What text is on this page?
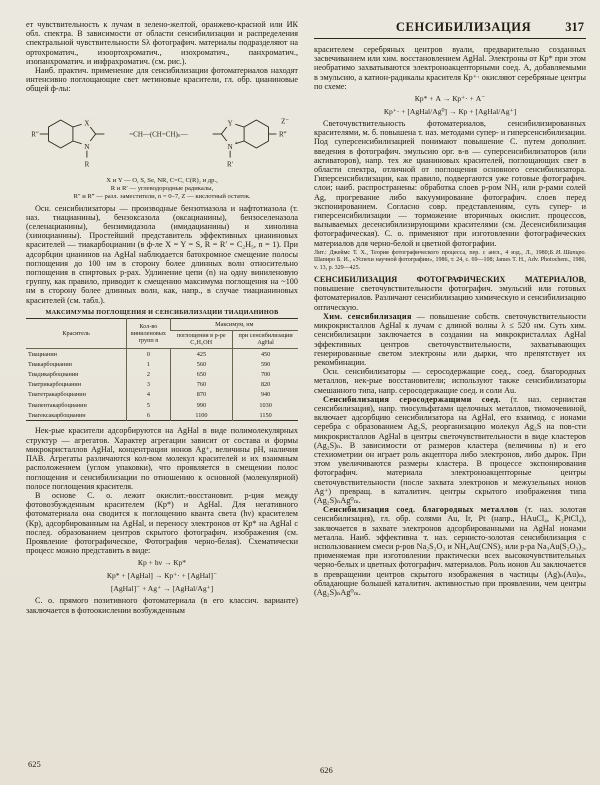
ет чувствительность к лучам в зелено-желтой, оранжево-красной или ИК обл. спектра. В зависимости от области сенсибилизации и распределения спектральной чувствительности Sλ фотографич. материалы подразделяют на ортохроматич., изоортохроматич., изохроматич., панхроматич., изопанхроматич. и инфрахроматич. (см. рис.).

Наиб. практич. применение для сенсибилизации фотоматериалов находят интенсивно поглощающие свет метиновые красители, гл. обр. цианиновые общей ф-лы:

R″
X
N
R
=CH—(CH=CH)ₙ—
Y
N +
R′
R‴
Z⁻
X и Y — O, S, Se, NR, C=C, C(R)₂ и др.,
R и R′ — углеводородные радикалы,
R″ и R‴ — разл. заместители, n = 0–7, Z — кислотный остаток.

Осн. сенсибилизаторы — производные бензотиазола и нафтотиазола (т. наз. тиацианины), бензоксазола (оксацианины), бензоселеназола (селенацианины), бензимидазола (имидацианины) и хинолина (хиноцианины). Простейший представитель эффективных цианиновых красителей — тиакарбоцианин (в ф-ле X = Y = S, R = R′ = C₂H₅, n = 1). При адсорбции цианинов на AgHal наблюдается батохромное смещение полосы поглощения до 100 нм в сторону более длинных волн относительно поглощения в спиртовых р-рах. Удлинение цепи (n) на одну виниленовую группу, как правило, приводит к смещению максимума поглощения на ~100 нм в сторону более длинных волн, как, напр., в случае тиацианиновых красителей (см. табл.).

МАКСИМУМЫ ПОГЛОЩЕНИЯ И СЕНСИБИЛИЗАЦИИ ТИАЦИАНИНОВ
Краситель	Кол-во виниленовых групп n	Максимум, нм	
		поглощения в р-ре C₂H₅OH	при сенсибилизации AgHal
Тиацианин	0	425	450
Тиакарбоцианин	1	560	590
Тиадикарбоцианин	2	650	700
Тиатрикарбоцианин	3	760	820
Тиатетракарбоцианин	4	870	940
Тиапентакарбоцианин	5	990	1030
Тиагексакарбоцианин	6	1100	1150

Нек-рые красители адсорбируются на AgHal в виде полимолекулярных структур — агрегатов. Характер агрегации зависит от состава и формы микрокристаллов AgHal, концентрации ионов Ag⁺, величины pH, наличия ПАВ. Агрегаты различаются кол-вом молекул красителей и их взаимным расположением (углом упаковки), что проявляется в смещении полос поглощения и сенсибилизации по отношению к основной (молекулярной) полосе поглощения красителя.

В основе С. о. лежит окислит.-восстановит. р-ция между фотовозбужденным красителем (Кр*) и AgHal. Для негативного фотоматериала она сводится к поглощению кванта света (hν) красителем (Кр), адсорбированным на AgHal, и переносу электронов от Кр* на AgHal с послед. образованием центров скрытого фотографич. изображения (см. Проявление фотографическое, Фотография черно-белая). Схематически процесс можно представить в виде:

Кр + hν → Кр*
Кр* + [AgHal] → Кр⁺· + [AgHal]⁻
[AgHal]⁻ + Ag⁺ → [AgHal/Ag⁺]

С. о. прямого позитивного фотоматериала (в его классич. варианте) заключается в фотоокислении возбужденным

СЕНСИБИЛИЗАЦИЯ	317

красителем серебряных центров вуали, предварительно созданных засвечиванием или хим. восстановлением AgHal. Электроны от Кр* при этом необратимо захватываются электроноакцепторными соед. А, добавляемыми в эмульсию, а катион-радикалы красителя Кр⁺· окисляют серебряные центры по схеме:

Кр* + А → Кр⁺· + А⁻
Кр⁺· + [AgHal/Ag⁰] → Кр + [AgHal/Ag⁺]

Светочувствительность фотоматериалов, сенсибилизированных красителями, м. б. повышена т. наз. методами супер- и гиперсенсибилизации. Под суперсенсибилизацией понимают повышение С. путем дополнит. введения в фотографич. эмульсию орг. в-в — суперсенсибилизаторов (или активаторов), напр. тех же цианиновых красителей, поглощающих свет в области спектра, отличной от поглощения основного сенсибилизатора. Гиперсенсибилизации, как правило, подвергаются уже готовые фотографич. слои; наиб. распространены: обработка слоев р-ром NH₃ или р-рами солей Ag, прогревание либо вакуумирование фотографич. слоев перед экспонированием. Согласно совр. представлениям, суть супер- и гиперсенсибилизации — торможение вторичных окислит. процессов, вызываемых десенсибилизирующими красителями (см. Десенсибилизация фотографическая). С. о. применяют при изготовлении фотографических материалов для черно-белой и цветной фотографии.

Б. И. Шапиро.
Лит.: Джеймс Т. Х., Теория фотографического процесса, пер. с англ., 4 изд., Л., 1980; Шапиро Б. И., «Успехи научной фотографии», 1986, т. 24, с. 69—108; James T. H., Adv. Photochem., 1986, v. 13, p. 329—425.

СЕНСИБИЛИЗАЦИЯ ФОТОГРАФИЧЕСКИХ МАТЕРИАЛОВ, повышение светочувствительности фотографич. эмульсий или готовых фотоматериалов. Различают сенсибилизацию химическую и сенсибилизацию оптическую.

Хим. сенсибилизация — повышение собств. светочувствительности микрокристаллов AgHal к лучам с длиной волны λ ≤ 520 нм. Суть хим. сенсибилизации заключается в создании на микрокристаллах AgHal эффективных центров светочувствительности, захватывающих генерированные светом электроны или дырки, что препятствует их рекомбинации.

Осн. сенсибилизаторы — серосодержащие соед., соед. благородных металлов, нек-рые восстановители; используют также сенсибилизаторы смешанного типа, напр. серосодержащие соед. и соли Au.

Сенсибилизация серосодержащими соед. (т. наз. сернистая сенсибилизация), напр. тиосульфатами щелочных металлов, тиомочевиной, включает адсорбцию сенсибилизатора на AgHal, его взаимод. с ионами серебра с образованием Ag₂S, реорганизацию молекул Ag₂S на пов-сти микрокристаллов AgHal в центры светочувствительности в виде кластеров (Ag₂S)ₙ. В зависимости от размеров кластера (величины n) и его стехиометрии он играет роль акцептора либо электронов, либо дырок. При этом увеличиваются размеры кластера. В процессе экспонирования фотографич. материала электроноакцепторные центры светочувствительности (после захвата электронов и межузельных ионов Ag⁺) превращ. в каталитич. центры скрытого изображения типа (Ag₂S)ₙAg⁰ₘ.

Сенсибилизация соед. благородных металлов (т. наз. золотая сенсибилизация), гл. обр. солями Au, Ir, Pt (напр., HAuCl₄, K₂PtCl₄), заключается в захвате электронов адсорбированными на AgHal ионами металла. Наиб. эффективна т. наз. сернисто-золотая сенсибилизация с использованием смеси р-ров Na₂S₂O₃ и NH₄Au(CNS)₂ или р-ра Na₃Au(S₂O₃)₂, применяемая при изготовлении практически всех высокочувствительных черно-белых и цветных фотографич. материалов. Роль ионов Au заключается в превращении центров скрытого изображения в частицы (Ag)ₙ(Au)ₘ, обладающие большей каталитич. активностью при проявлении, чем центры (Ag₂S)ₙAg⁰ₘ.

625
626
